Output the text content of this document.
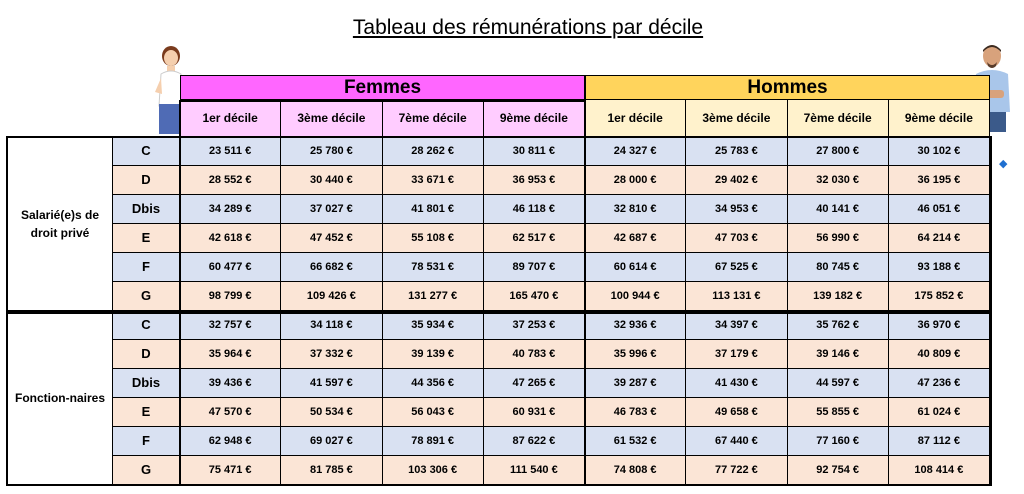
Tableau des rémunérations par décile
Femmes	Hommes
1er décile	3ème décile	7ème décile	9ème décile	1er décile	3ème décile	7ème décile	9ème décile
Salarié(e)s de droit privé
C	23 511 €	25 780 €	28 262 €	30 811 €	24 327 €	25 783 €	27 800 €	30 102 €
D	28 552 €	30 440 €	33 671 €	36 953 €	28 000 €	29 402 €	32 030 €	36 195 €
Dbis	34 289 €	37 027 €	41 801 €	46 118 €	32 810 €	34 953 €	40 141 €	46 051 €
E	42 618 €	47 452 €	55 108 €	62 517 €	42 687 €	47 703 €	56 990 €	64 214 €
F	60 477 €	66 682 €	78 531 €	89 707 €	60 614 €	67 525 €	80 745 €	93 188 €
G	98 799 €	109 426 €	131 277 €	165 470 €	100 944 €	113 131 €	139 182 €	175 852 €
Fonction-naires
C	32 757 €	34 118 €	35 934 €	37 253 €	32 936 €	34 397 €	35 762 €	36 970 €
D	35 964 €	37 332 €	39 139 €	40 783 €	35 996 €	37 179 €	39 146 €	40 809 €
Dbis	39 436 €	41 597 €	44 356 €	47 265 €	39 287 €	41 430 €	44 597 €	47 236 €
E	47 570 €	50 534 €	56 043 €	60 931 €	46 783 €	49 658 €	55 855 €	61 024 €
F	62 948 €	69 027 €	78 891 €	87 622 €	61 532 €	67 440 €	77 160 €	87 112 €
G	75 471 €	81 785 €	103 306 €	111 540 €	74 808 €	77 722 €	92 754 €	108 414 €
◆
